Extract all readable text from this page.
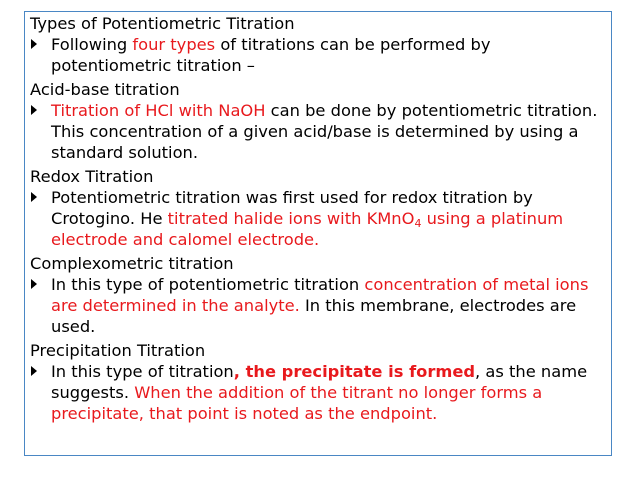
Types of Potentiometric Titration
Following four types of titrations can be performed by potentiometric titration –
Acid-base titration
Titration of HCl with NaOH can be done by potentiometric titration. This concentration of a given acid/base is determined by using a standard solution.
Redox Titration
Potentiometric titration was first used for redox titration by Crotogino. He titrated halide ions with KMnO$_4$ using a platinum electrode and calomel electrode.
Complexometric titration
In this type of potentiometric titration concentration of metal ions are determined in the analyte. In this membrane, electrodes are used.
Precipitation Titration
In this type of titration, the precipitate is formed, as the name suggests. When the addition of the titrant no longer forms a precipitate, that point is noted as the endpoint.
